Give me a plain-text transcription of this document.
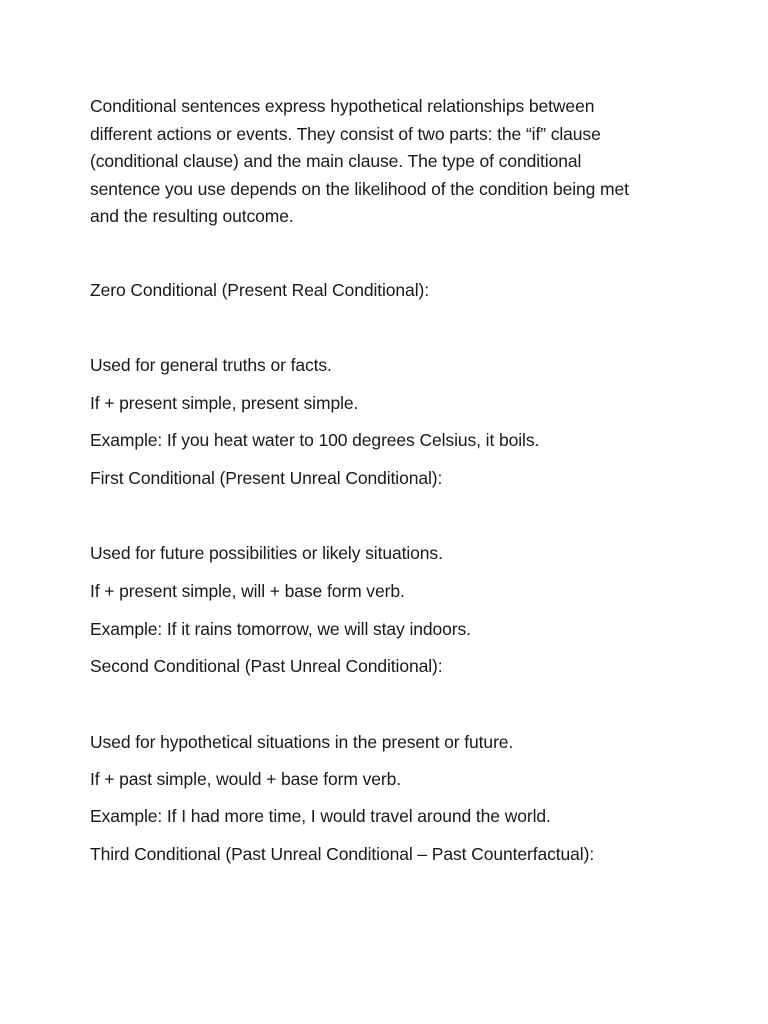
Conditional sentences express hypothetical relationships between
different actions or events. They consist of two parts: the “if” clause
(conditional clause) and the main clause. The type of conditional
sentence you use depends on the likelihood of the condition being met
and the resulting outcome.
Zero Conditional (Present Real Conditional):
Used for general truths or facts.
If + present simple, present simple.
Example: If you heat water to 100 degrees Celsius, it boils.
First Conditional (Present Unreal Conditional):
Used for future possibilities or likely situations.
If + present simple, will + base form verb.
Example: If it rains tomorrow, we will stay indoors.
Second Conditional (Past Unreal Conditional):
Used for hypothetical situations in the present or future.
If + past simple, would + base form verb.
Example: If I had more time, I would travel around the world.
Third Conditional (Past Unreal Conditional – Past Counterfactual):
